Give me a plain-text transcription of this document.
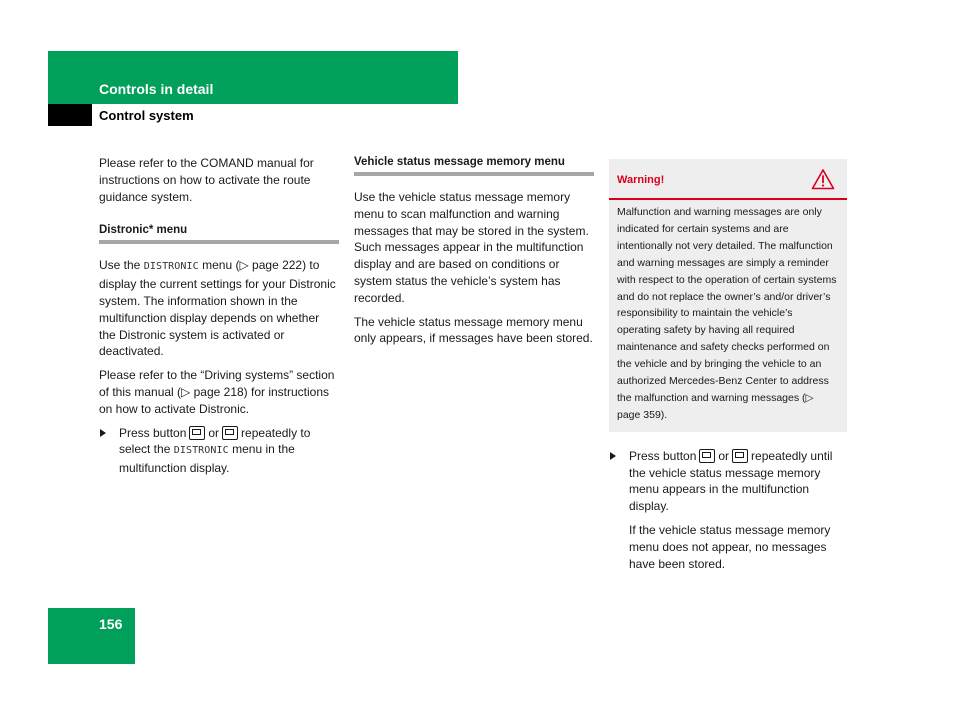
Controls in detail
Control system

Please refer to the COMAND manual for instructions on how to activate the route guidance system.

Distronic* menu

Use the DISTRONIC menu (▷ page 222) to display the current settings for your Distronic system. The information shown in the multifunction display depends on whether the Distronic system is activated or deactivated.

Please refer to the “Driving systems” section of this manual (▷ page 218) for instructions on how to activate Distronic.

Press button or repeatedly to select the DISTRONIC menu in the multifunction display.
Vehicle status message memory menu

Use the vehicle status message memory menu to scan malfunction and warning messages that may be stored in the system. Such messages appear in the multifunction display and are based on conditions or system status the vehicle’s system has recorded.

The vehicle status message memory menu only appears, if messages have been stored.

Warning!
Malfunction and warning messages are only indicated for certain systems and are intentionally not very detailed. The malfunction and warning messages are simply a reminder with respect to the operation of certain systems and do not replace the owner’s and/or driver’s responsibility to maintain the vehicle’s operating safety by having all required maintenance and safety checks performed on the vehicle and by bringing the vehicle to an authorized Mercedes-Benz Center to address the malfunction and warning messages (▷ page 359).
Press button or repeatedly until the vehicle status message memory menu appears in the multifunction display.

If the vehicle status message memory menu does not appear, no messages have been stored.

156
